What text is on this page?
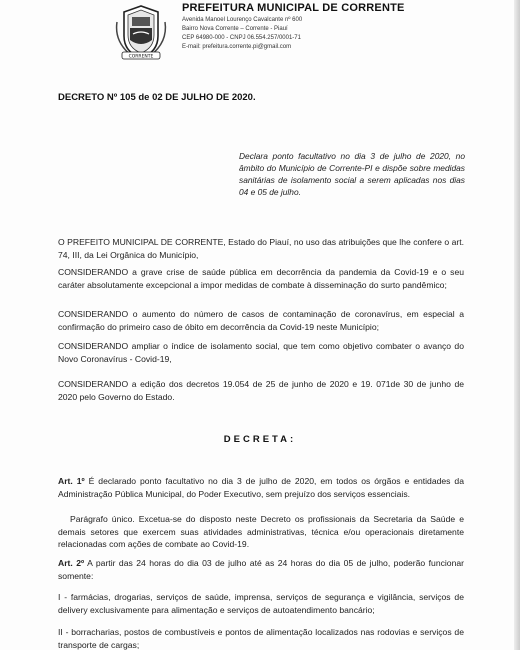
CORRENTE
PREFEITURA MUNICIPAL DE CORRENTE
Avenida Manoel Lourenço Cavalcante nº 600
Bairro Nova Corrente – Corrente - Piauí
CEP 64980-000 - CNPJ 06.554.257/0001-71
E-mail: prefeitura.corrente.pi@gmail.com
DECRETO Nº 105 de 02 DE JULHO DE 2020.
Declara ponto facultativo no dia 3 de julho de 2020, no âmbito do Município de Corrente-PI e dispõe sobre medidas sanitárias de isolamento social a serem aplicadas nos dias 04 e 05 de julho.

O PREFEITO MUNICIPAL DE CORRENTE, Estado do Piauí, no uso das atribuições que lhe confere o art. 74, III, da Lei Orgânica do Município,

CONSIDERANDO a grave crise de saúde pública em decorrência da pandemia da Covid-19 e o seu caráter absolutamente excepcional a impor medidas de combate à disseminação do surto pandêmico;

CONSIDERANDO o aumento do número de casos de contaminação de coronavírus, em especial a confirmação do primeiro caso de óbito em decorrência da Covid-19 neste Município;

CONSIDERANDO ampliar o índice de isolamento social, que tem como objetivo combater o avanço do Novo Coronavírus - Covid-19,

CONSIDERANDO a edição dos decretos 19.054 de 25 de junho de 2020 e 19. 071de 30 de junho de 2020 pelo Governo do Estado.

DECRETA:

Art. 1º É declarado ponto facultativo no dia 3 de julho de 2020, em todos os órgãos e entidades da Administração Pública Municipal, do Poder Executivo, sem prejuízo dos serviços essenciais.

Parágrafo único. Excetua-se do disposto neste Decreto os profissionais da Secretaria da Saúde e demais setores que exercem suas atividades administrativas, técnica e/ou operacionais diretamente relacionadas com ações de combate ao Covid-19.

Art. 2º A partir das 24 horas do dia 03 de julho até as 24 horas do dia 05 de julho, poderão funcionar somente:

I - farmácias, drogarias, serviços de saúde, imprensa, serviços de segurança e vigilância, serviços de delivery exclusivamente para alimentação e serviços de autoatendimento bancário;

II - borracharias, postos de combustíveis e pontos de alimentação localizados nas rodovias e serviços de transporte de cargas;
